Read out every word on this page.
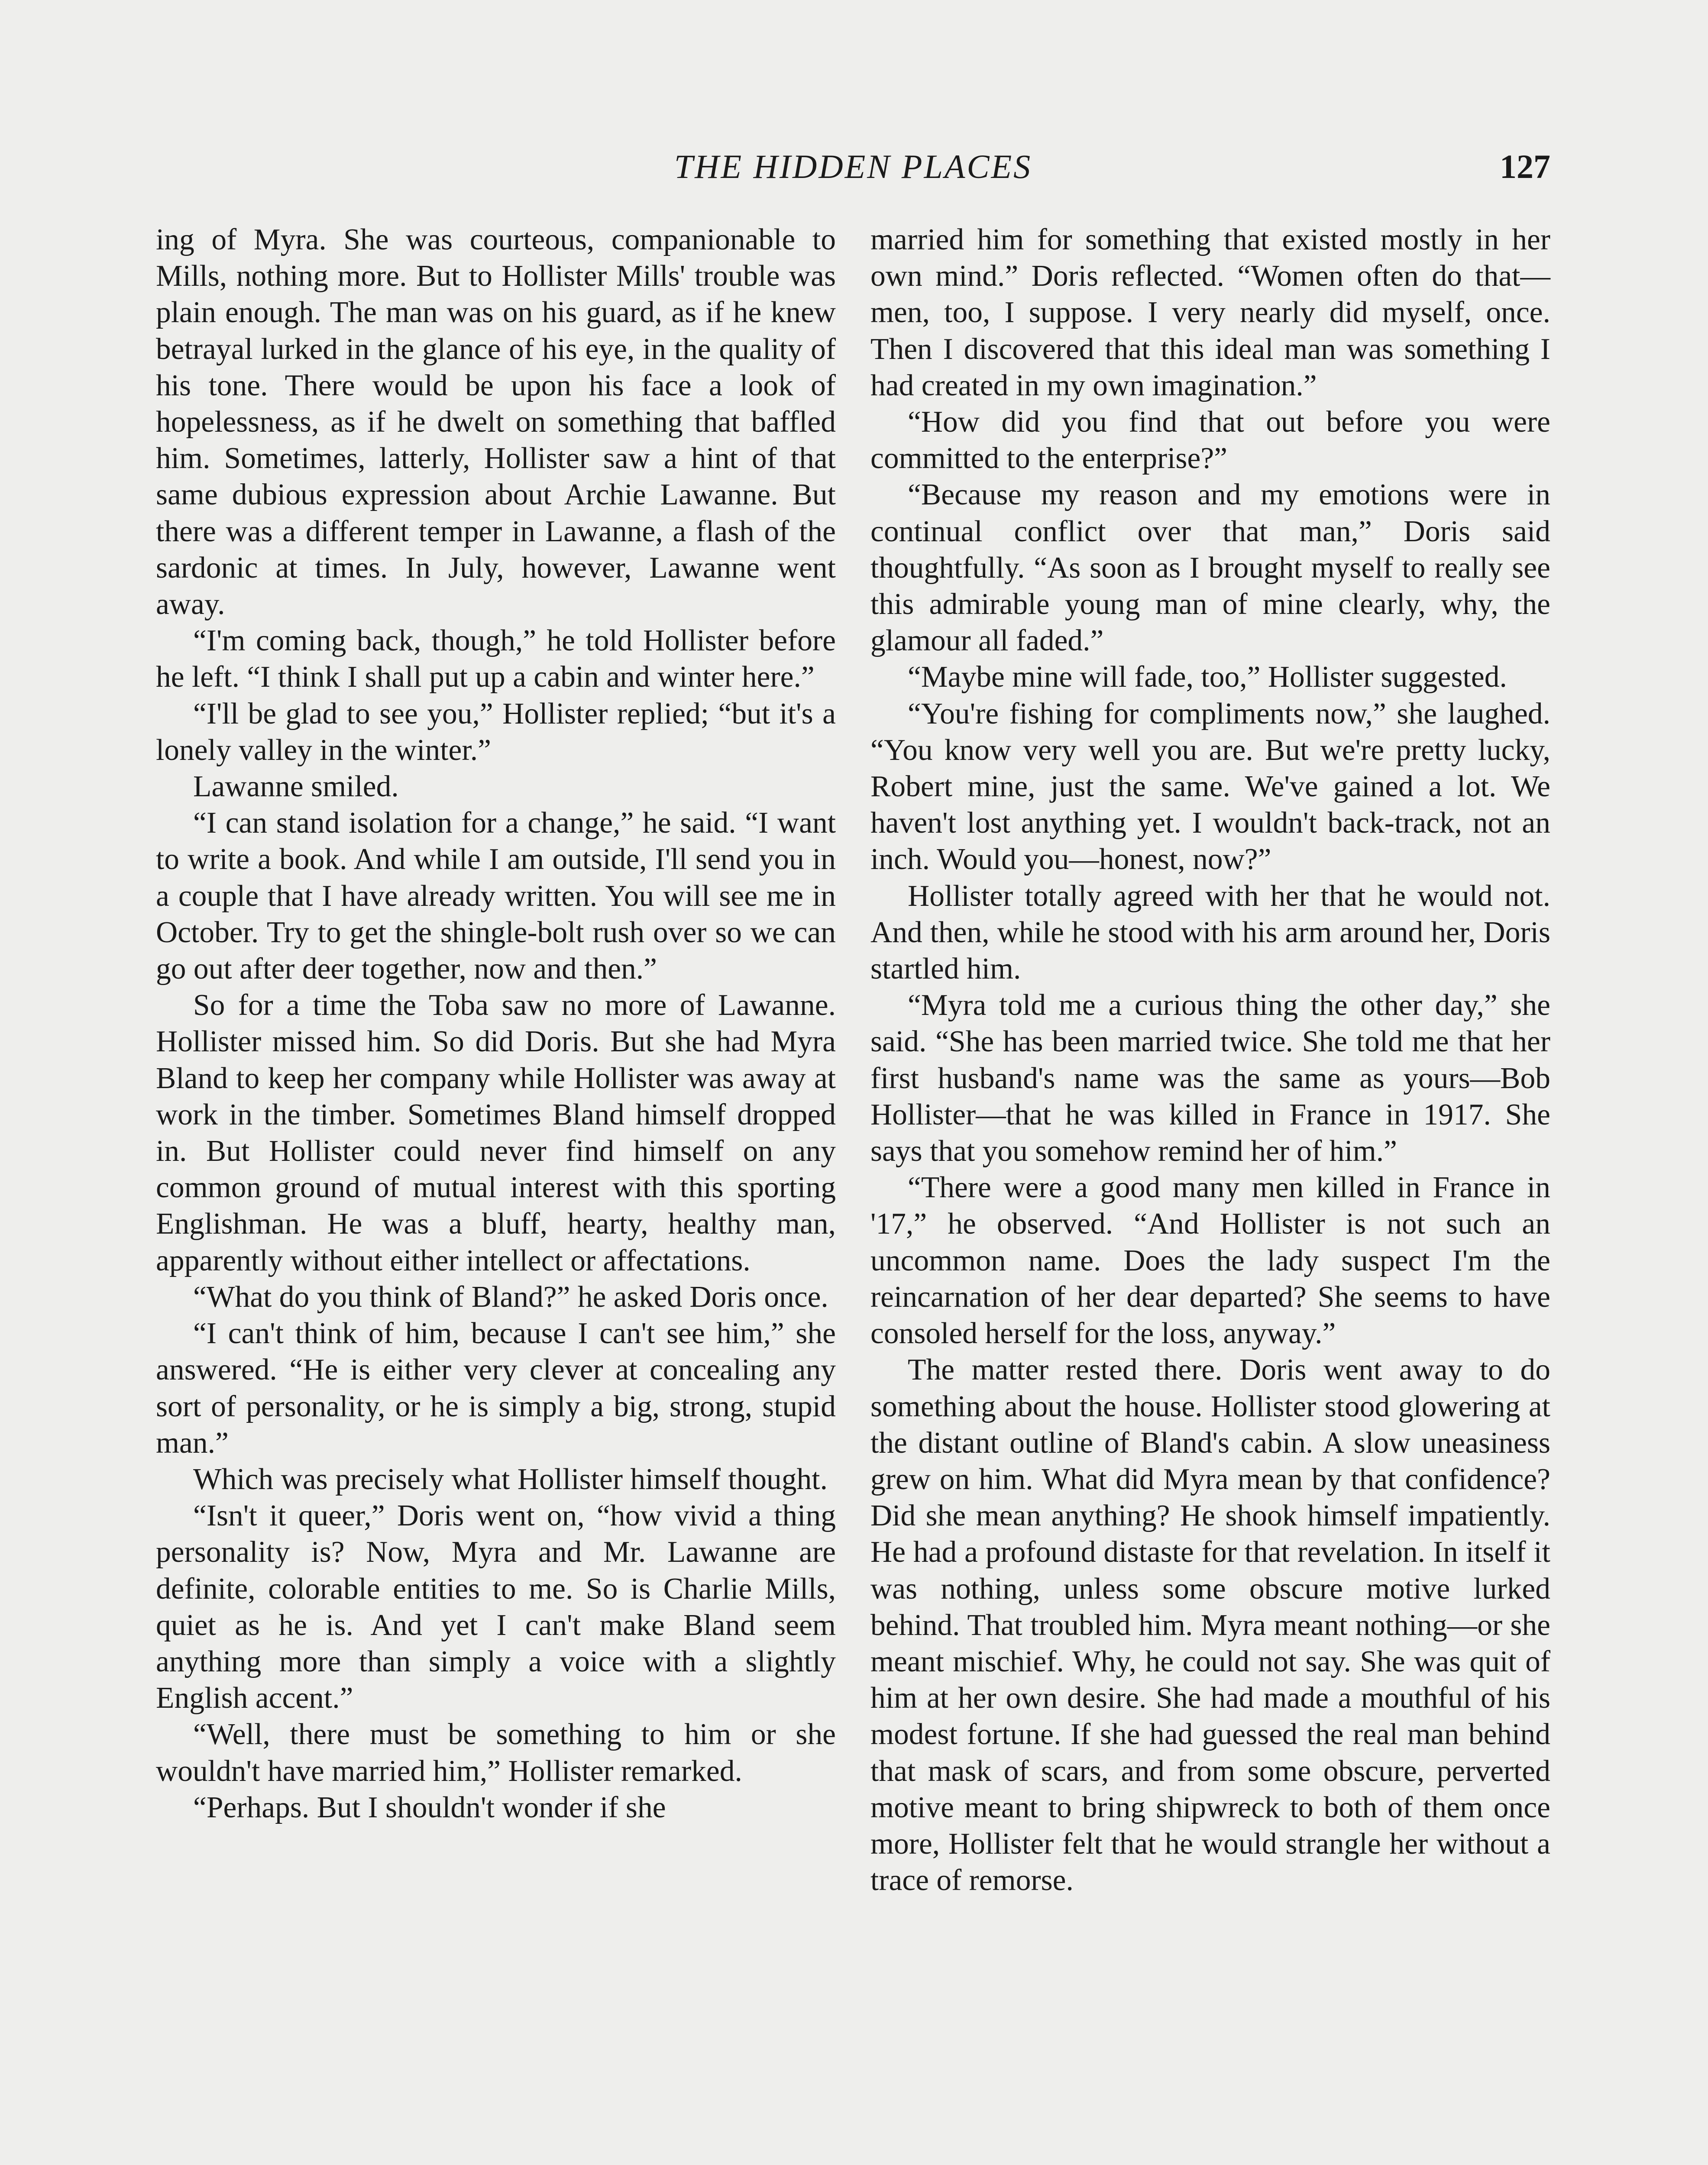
THE HIDDEN PLACES	127

ing of Myra. She was courteous, companionable to Mills, nothing more. But to Hollister Mills' trouble was plain enough. The man was on his guard, as if he knew betrayal lurked in the glance of his eye, in the quality of his tone. There would be upon his face a look of hopelessness, as if he dwelt on something that baffled him. Sometimes, latterly, Hollister saw a hint of that same dubious expression about Archie Lawanne. But there was a different temper in Lawanne, a flash of the sardonic at times. In July, however, Lawanne went away.

“I'm coming back, though,” he told Hollister before he left. “I think I shall put up a cabin and winter here.”

“I'll be glad to see you,” Hollister replied; “but it's a lonely valley in the winter.”

Lawanne smiled.

“I can stand isolation for a change,” he said. “I want to write a book. And while I am outside, I'll send you in a couple that I have already written. You will see me in October. Try to get the shingle-bolt rush over so we can go out after deer together, now and then.”

So for a time the Toba saw no more of Lawanne. Hollister missed him. So did Doris. But she had Myra Bland to keep her company while Hollister was away at work in the timber. Sometimes Bland himself dropped in. But Hollister could never find himself on any common ground of mutual interest with this sporting Englishman. He was a bluff, hearty, healthy man, apparently without either intellect or affectations.

“What do you think of Bland?” he asked Doris once.

“I can't think of him, because I can't see him,” she answered. “He is either very clever at concealing any sort of personality, or he is simply a big, strong, stupid man.”

Which was precisely what Hollister himself thought.

“Isn't it queer,” Doris went on, “how vivid a thing personality is? Now, Myra and Mr. Lawanne are definite, colorable entities to me. So is Charlie Mills, quiet as he is. And yet I can't make Bland seem anything more than simply a voice with a slightly English accent.”

“Well, there must be something to him or she wouldn't have married him,” Hollister remarked.

“Perhaps. But I shouldn't wonder if she

married him for something that existed mostly in her own mind.” Doris reflected. “Women often do that—men, too, I suppose. I very nearly did myself, once. Then I discovered that this ideal man was something I had created in my own imagination.”

“How did you find that out before you were committed to the enterprise?”

“Because my reason and my emotions were in continual conflict over that man,” Doris said thoughtfully. “As soon as I brought myself to really see this admirable young man of mine clearly, why, the glamour all faded.”

“Maybe mine will fade, too,” Hollister suggested.

“You're fishing for compliments now,” she laughed. “You know very well you are. But we're pretty lucky, Robert mine, just the same. We've gained a lot. We haven't lost anything yet. I wouldn't back-track, not an inch. Would you—honest, now?”

Hollister totally agreed with her that he would not. And then, while he stood with his arm around her, Doris startled him.

“Myra told me a curious thing the other day,” she said. “She has been married twice. She told me that her first husband's name was the same as yours—Bob Hollister—that he was killed in France in 1917. She says that you somehow remind her of him.”

“There were a good many men killed in France in '17,” he observed. “And Hollister is not such an uncommon name. Does the lady suspect I'm the reincarnation of her dear departed? She seems to have consoled herself for the loss, anyway.”

The matter rested there. Doris went away to do something about the house. Hollister stood glowering at the distant outline of Bland's cabin. A slow uneasiness grew on him. What did Myra mean by that confidence? Did she mean anything? He shook himself impatiently. He had a profound distaste for that revelation. In itself it was nothing, unless some obscure motive lurked behind. That troubled him. Myra meant nothing—or she meant mischief. Why, he could not say. She was quit of him at her own desire. She had made a mouthful of his modest fortune. If she had guessed the real man behind that mask of scars, and from some obscure, perverted motive meant to bring shipwreck to both of them once more, Hollister felt that he would strangle her without a trace of remorse.
